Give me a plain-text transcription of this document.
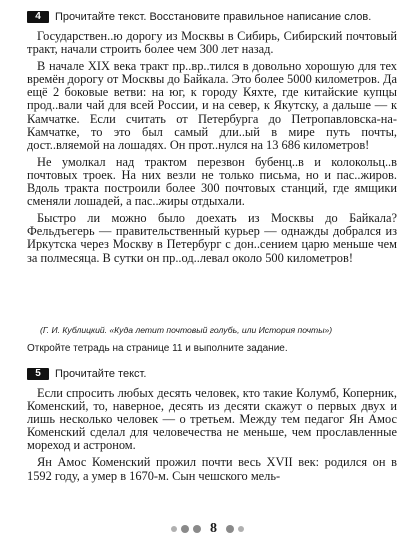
4	Прочитайте текст. Восстановите правильное написание слов.

Государствен..ю дорогу из Москвы в Сибирь, Сибирский почтовый тракт, начали строить более чем 300 лет назад.

В начале XIX века тракт пр..вр..тился в довольно хорошую для тех времён дорогу от Москвы до Байкала. Это более 5000 километров. Да ещё 2 боковые ветви: на юг, к городу Кяхте, где китайские купцы прод..вали чай для всей России, и на север, к Якутску, а дальше — к Камчатке. Если считать от Петербурга до Петропавловска-на-Камчатке, то это был самый дли..ый в мире путь почты, дост..вляемой на лошадях. Он прот..нулся на 13 686 километров!

Не умолкал над трактом перезвон бубенц..в и колокольц..в почтовых троек. На них везли не только письма, но и пас..жиров. Вдоль тракта построили более 300 почтовых станций, где ямщики сменяли лошадей, а пас..жиры отдыхали.

Быстро ли можно было доехать из Москвы до Байкала? Фельдъегерь — правительственный курьер — однажды добрался из Иркутска через Москву в Петербург с дон..сением царю меньше чем за полмесяца. В сутки он пр..од..левал около 500 километров!

(Г. И. Кублицкий. «Куда летит почтовый голубь, или История почты»)
Откройте тетрадь на странице 11 и выполните задание.
5	Прочитайте текст.

Если спросить любых десять человек, кто такие Колумб, Коперник, Коменский, то, наверное, десять из десяти скажут о первых двух и лишь несколько человек — о третьем. Между тем педагог Ян Амос Коменский сделал для человечества не меньше, чем прославленные мореход и астроном.

Ян Амос Коменский прожил почти весь XVII век: родился он в 1592 году, а умер в 1670-м. Сын чешского мель-

8
